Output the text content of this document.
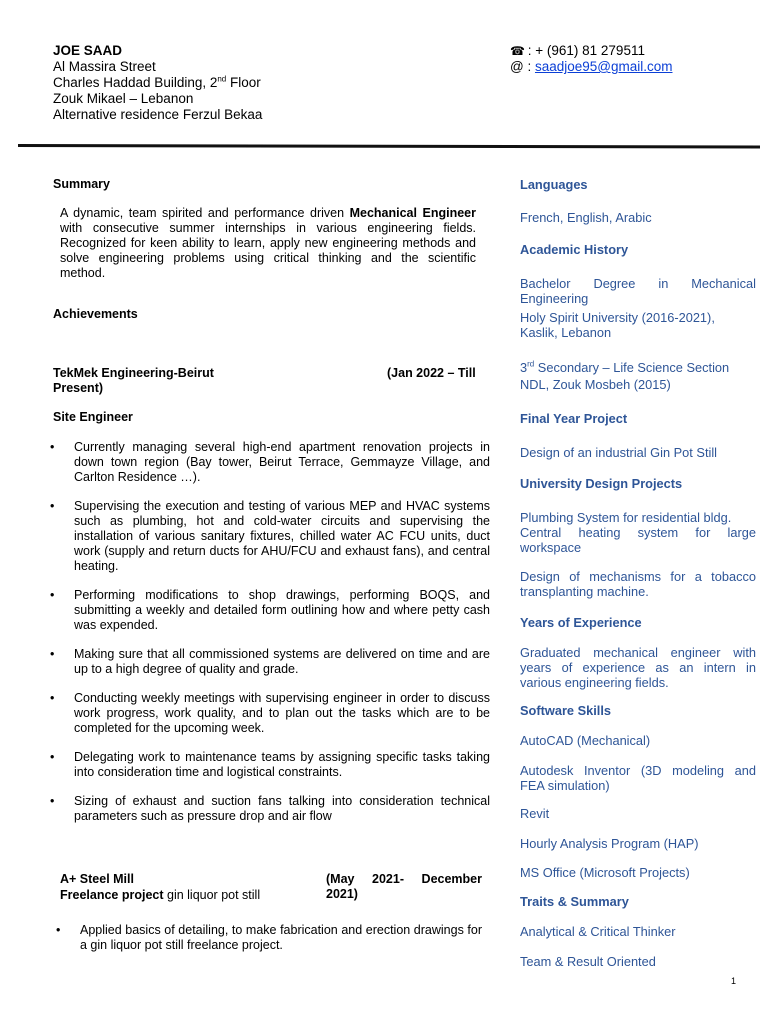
JOE SAAD
Al Massira Street
Charles Haddad Building, 2nd Floor
Zouk Mikael – Lebanon
Alternative residence Ferzul Bekaa
☎ : + (961) 81 279511
@ : saadjoe95@gmail.com
Summary
A dynamic, team spirited and performance driven Mechanical Engineer with consecutive summer internships in various engineering fields. Recognized for keen ability to learn, apply new engineering methods and solve engineering problems using critical thinking and the scientific method.
Achievements
TekMek Engineering-Beirut	(Jan 2022 – Till
Present)
Site Engineer
• Currently managing several high-end apartment renovation projects in down town region (Bay tower, Beirut Terrace, Gemmayze Village, and Carlton Residence …).
• Supervising the execution and testing of various MEP and HVAC systems such as plumbing, hot and cold-water circuits and supervising the installation of various sanitary fixtures, chilled water AC FCU units, duct work (supply and return ducts for AHU/FCU and exhaust fans), and central heating.
• Performing modifications to shop drawings, performing BOQS, and submitting a weekly and detailed form outlining how and where petty cash was expended.
• Making sure that all commissioned systems are delivered on time and are up to a high degree of quality and grade.
• Conducting weekly meetings with supervising engineer in order to discuss work progress, work quality, and to plan out the tasks which are to be completed for the upcoming week.
• Delegating work to maintenance teams by assigning specific tasks taking into consideration time and logistical constraints.
• Sizing of exhaust and suction fans talking into consideration technical parameters such as pressure drop and air flow
A+ Steel Mill
Freelance project gin liquor pot still
(May 2021- December
2021)
• Applied basics of detailing, to make fabrication and erection drawings for a gin liquor pot still freelance project.
Languages
French, English, Arabic
Academic History
Bachelor Degree in Mechanical Engineering
Holy Spirit University (2016-2021), Kaslik, Lebanon
3rd Secondary – Life Science Section
NDL, Zouk Mosbeh (2015)
Final Year Project
Design of an industrial Gin Pot Still
University Design Projects
Plumbing System for residential bldg.
Central heating system for large workspace
Design of mechanisms for a tobacco transplanting machine.
Years of Experience
Graduated mechanical engineer with years of experience as an intern in various engineering fields.
Software Skills
AutoCAD (Mechanical)
Autodesk Inventor (3D modeling and FEA simulation)
Revit
Hourly Analysis Program (HAP)
MS Office (Microsoft Projects)
Traits & Summary
Analytical & Critical Thinker
Team & Result Oriented
1
